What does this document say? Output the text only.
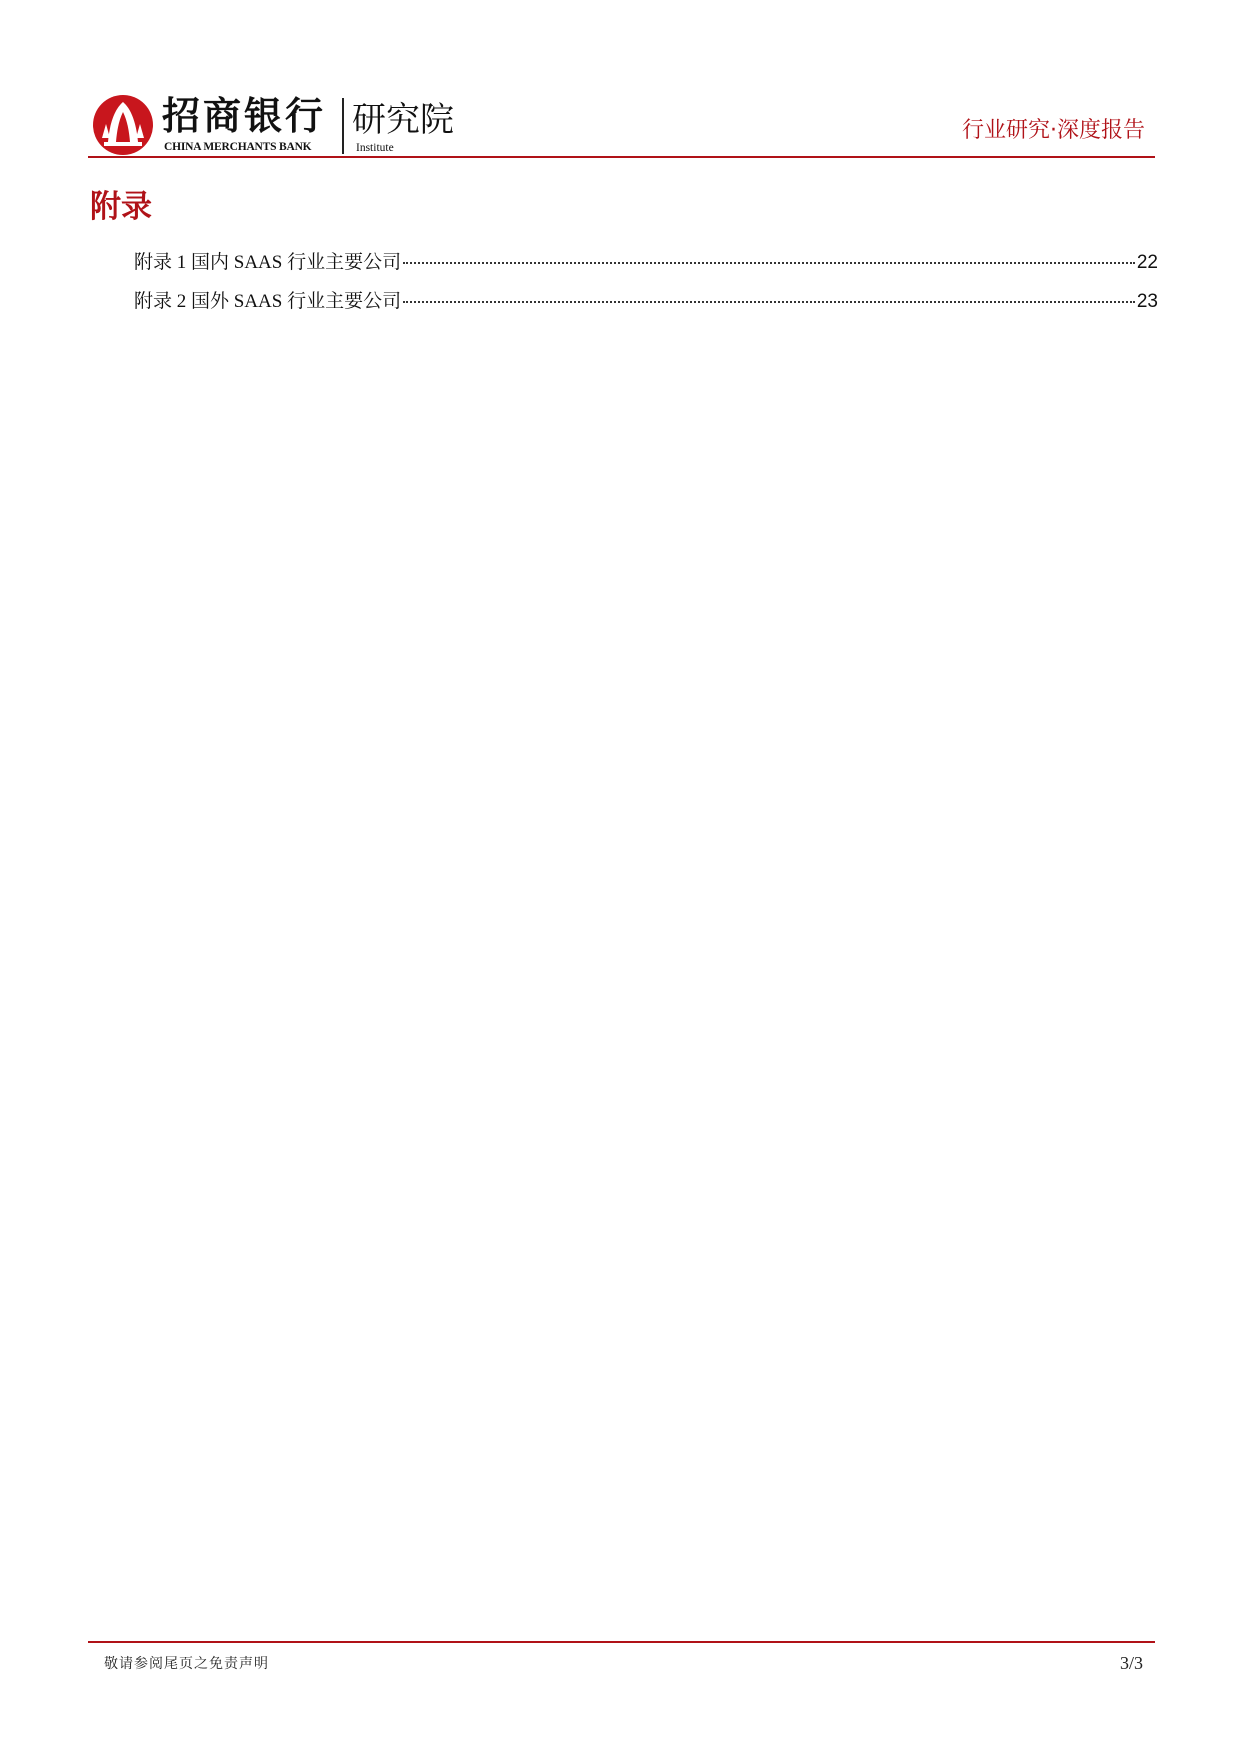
招商银行
CHINA MERCHANTS BANK
研究院
Institute
行业研究·深度报告
附录
附录 1 国内 SAAS 行业主要公司	22
附录 2 国外 SAAS 行业主要公司	23
敬请参阅尾页之免责声明	3/3
